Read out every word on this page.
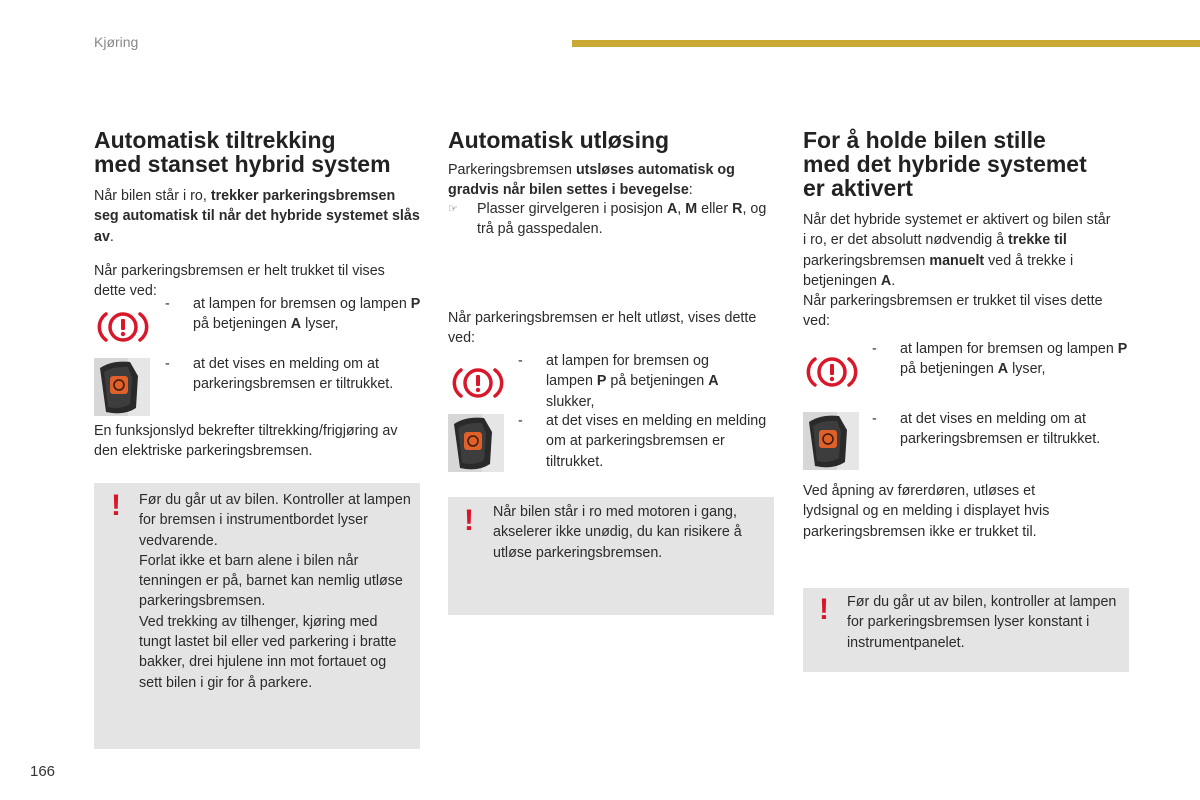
Kjøring
Automatisk tiltrekking
med stanset hybrid system

Når bilen står i ro, trekker parkeringsbremsen seg automatisk til når det hybride systemet slås av.

Når parkeringsbremsen er helt trukket til vises dette ved:

- at lampen for bremsen og lampen P på betjeningen A lyser,
- at det vises en melding om at parkeringsbremsen er tiltrukket.

En funksjonslyd bekrefter tiltrekking/frigjøring av den elektriske parkeringsbremsen.

! Før du går ut av bilen. Kontroller at lampen for bremsen i instrumentbordet lyser vedvarende.
Forlat ikke et barn alene i bilen når tenningen er på, barnet kan nemlig utløse parkeringsbremsen.
Ved trekking av tilhenger, kjøring med tungt lastet bil eller ved parkering i bratte bakker, drei hjulene inn mot fortauet og sett bilen i gir for å parkere.
Automatisk utløsing

Parkeringsbremsen utsløses automatisk og gradvis når bilen settes i bevegelse:

☞ Plasser girvelgeren i posisjon A, M eller R, og trå på gasspedalen.

Når parkeringsbremsen er helt utløst, vises dette ved:

- at lampen for bremsen og lampen P på betjeningen A slukker,
- at det vises en melding en melding om at parkeringsbremsen er tiltrukket.
! Når bilen står i ro med motoren i gang, akselerer ikke unødig, du kan risikere å utløse parkeringsbremsen.
For å holde bilen stille
med det hybride systemet
er aktivert

Når det hybride systemet er aktivert og bilen står i ro, er det absolutt nødvendig å trekke til parkeringsbremsen manuelt ved å trekke i betjeningen A.

Når parkeringsbremsen er trukket til vises dette ved:

- at lampen for bremsen og lampen P på betjeningen A lyser,
- at det vises en melding om at parkeringsbremsen er tiltrukket.

Ved åpning av førerdøren, utløses et lydsignal og en melding i displayet hvis parkeringsbremsen ikke er trukket til.

! Før du går ut av bilen, kontroller at lampen for parkeringsbremsen lyser konstant i instrumentpanelet.
166
